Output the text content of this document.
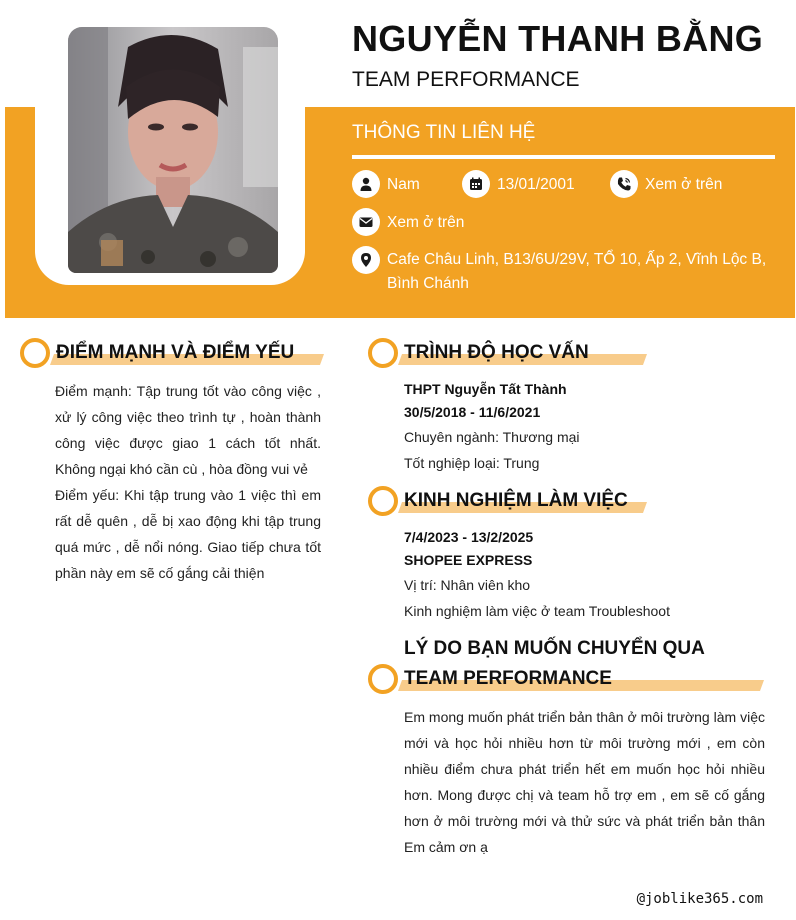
NGUYỄN THANH BẰNG
TEAM PERFORMANCE
THÔNG TIN LIÊN HỆ
Nam	13/01/2001	Xem ở trên
Xem ở trên
Cafe Châu Linh, B13/6U/29V, TỔ 10, Ấp 2, Vĩnh Lộc B, Bình Chánh
ĐIỂM MẠNH VÀ ĐIỂM YẾU
Điểm mạnh: Tập trung tốt vào công việc , xử lý công việc theo trình tự , hoàn thành công việc được giao 1 cách tốt nhất. Không ngại khó cần cù , hòa đồng vui vẻ
Điểm yếu: Khi tập trung vào 1 việc thì em rất dễ quên , dễ bị xao động khi tập trung quá mức , dễ nổi nóng. Giao tiếp chưa tốt phần này em sẽ cố gắng cải thiện
TRÌNH ĐỘ HỌC VẤN
THPT Nguyễn Tất Thành
30/5/2018 - 11/6/2021
Chuyên ngành: Thương mại
Tốt nghiệp loại: Trung
KINH NGHIỆM LÀM VIỆC
7/4/2023 - 13/2/2025
SHOPEE EXPRESS
Vị trí: Nhân viên kho
Kinh nghiệm làm việc ở team Troubleshoot
LÝ DO BẠN MUỐN CHUYỂN QUA
TEAM PERFORMANCE
Em mong muốn phát triển bản thân ở môi trường làm việc mới và học hỏi nhiều hơn từ môi trường mới , em còn nhiều điểm chưa phát triển hết em muốn học hỏi nhiều hơn. Mong được chị và team hỗ trợ em , em sẽ cố gắng hơn ở môi trường mới và thử sức và phát triển bản thân Em cảm ơn ạ
@joblike365.com
